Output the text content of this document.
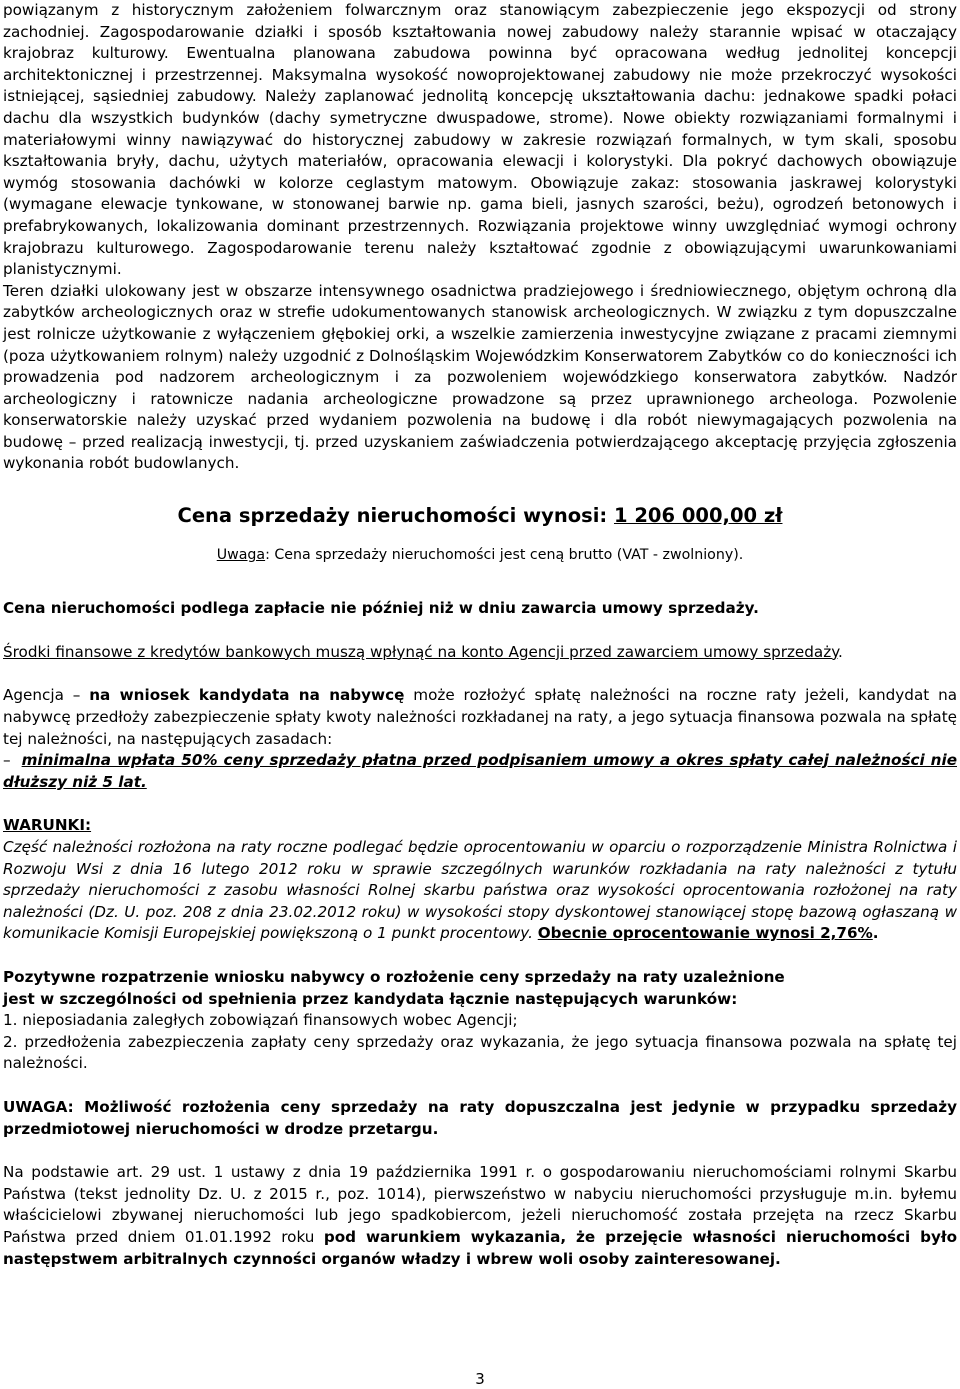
powiązanym z historycznym założeniem folwarcznym oraz stanowiącym zabezpieczenie jego ekspozycji od strony zachodniej. Zagospodarowanie działki i sposób kształtowania nowej zabudowy należy starannie wpisać w otaczający krajobraz kulturowy. Ewentualna planowana zabudowa powinna być opracowana według jednolitej koncepcji architektonicznej i przestrzennej. Maksymalna wysokość nowoprojektowanej zabudowy nie może przekroczyć wysokości istniejącej, sąsiedniej zabudowy. Należy zaplanować jednolitą koncepcję ukształtowania dachu: jednakowe spadki połaci dachu dla wszystkich budynków (dachy symetryczne dwuspadowe, strome). Nowe obiekty rozwiązaniami formalnymi i materiałowymi winny nawiązywać do historycznej zabudowy w zakresie rozwiązań formalnych, w tym skali, sposobu kształtowania bryły, dachu, użytych materiałów, opracowania elewacji i kolorystyki. Dla pokryć dachowych obowiązuje wymóg stosowania dachówki w kolorze ceglastym matowym. Obowiązuje zakaz: stosowania jaskrawej kolorystyki (wymagane elewacje tynkowane, w stonowanej barwie np. gama bieli, jasnych szarości, beżu), ogrodzeń betonowych i prefabrykowanych, lokalizowania dominant przestrzennych. Rozwiązania projektowe winny uwzględniać wymogi ochrony krajobrazu kulturowego. Zagospodarowanie terenu należy kształtować zgodnie z obowiązującymi uwarunkowaniami planistycznymi.

Teren działki ulokowany jest w obszarze intensywnego osadnictwa pradziejowego i średniowiecznego, objętym ochroną dla zabytków archeologicznych oraz w strefie udokumentowanych stanowisk archeologicznych. W związku z tym dopuszczalne jest rolnicze użytkowanie z wyłączeniem głębokiej orki, a wszelkie zamierzenia inwestycyjne związane z pracami ziemnymi (poza użytkowaniem rolnym) należy uzgodnić z Dolnośląskim Wojewódzkim Konserwatorem Zabytków co do konieczności ich prowadzenia pod nadzorem archeologicznym i za pozwoleniem wojewódzkiego konserwatora zabytków. Nadzór archeologiczny i ratownicze nadania archeologiczne prowadzone są przez uprawnionego archeologa. Pozwolenie konserwatorskie należy uzyskać przed wydaniem pozwolenia na budowę i dla robót niewymagających pozwolenia na budowę – przed realizacją inwestycji, tj. przed uzyskaniem zaświadczenia potwierdzającego akceptację przyjęcia zgłoszenia wykonania robót budowlanych.

Cena sprzedaży nieruchomości wynosi: 1 206 000,00 zł

Uwaga: Cena sprzedaży nieruchomości jest ceną brutto (VAT - zwolniony).

Cena nieruchomości podlega zapłacie nie później niż w dniu zawarcia umowy sprzedaży.

Środki finansowe z kredytów bankowych muszą wpłynąć na konto Agencji przed zawarciem umowy sprzedaży.

Agencja – na wniosek kandydata na nabywcę może rozłożyć spłatę należności na roczne raty jeżeli, kandydat na nabywcę przedłoży zabezpieczenie spłaty kwoty należności rozkładanej na raty, a jego sytuacja finansowa pozwala na spłatę tej należności, na następujących zasadach:

– minimalna wpłata 50% ceny sprzedaży płatna przed podpisaniem umowy a okres spłaty całej należności nie dłuższy niż 5 lat.

WARUNKI:

Część należności rozłożona na raty roczne podlegać będzie oprocentowaniu w oparciu o rozporządzenie Ministra Rolnictwa i Rozwoju Wsi z dnia 16 lutego 2012 roku w sprawie szczególnych warunków rozkładania na raty należności z tytułu sprzedaży nieruchomości z zasobu własności Rolnej skarbu państwa oraz wysokości oprocentowania rozłożonej na raty należności (Dz. U. poz. 208 z dnia 23.02.2012 roku) w wysokości stopy dyskontowej stanowiącej stopę bazową ogłaszaną w komunikacie Komisji Europejskiej powiększoną o 1 punkt procentowy. Obecnie oprocentowanie wynosi 2,76%.

Pozytywne rozpatrzenie wniosku nabywcy o rozłożenie ceny sprzedaży na raty uzależnione

jest w szczególności od spełnienia przez kandydata łącznie następujących warunków:

1. nieposiadania zaległych zobowiązań finansowych wobec Agencji;

2. przedłożenia zabezpieczenia zapłaty ceny sprzedaży oraz wykazania, że jego sytuacja finansowa pozwala na spłatę tej należności.

UWAGA: Możliwość rozłożenia ceny sprzedaży na raty dopuszczalna jest jedynie w przypadku sprzedaży przedmiotowej nieruchomości w drodze przetargu.

Na podstawie art. 29 ust. 1 ustawy z dnia 19 października 1991 r. o gospodarowaniu nieruchomościami rolnymi Skarbu Państwa (tekst jednolity Dz. U. z 2015 r., poz. 1014), pierwszeństwo w nabyciu nieruchomości przysługuje m.in. byłemu właścicielowi zbywanej nieruchomości lub jego spadkobiercom, jeżeli nieruchomość została przejęta na rzecz Skarbu Państwa przed dniem 01.01.1992 roku pod warunkiem wykazania, że przejęcie własności nieruchomości było następstwem arbitralnych czynności organów władzy i wbrew woli osoby zainteresowanej.

3
